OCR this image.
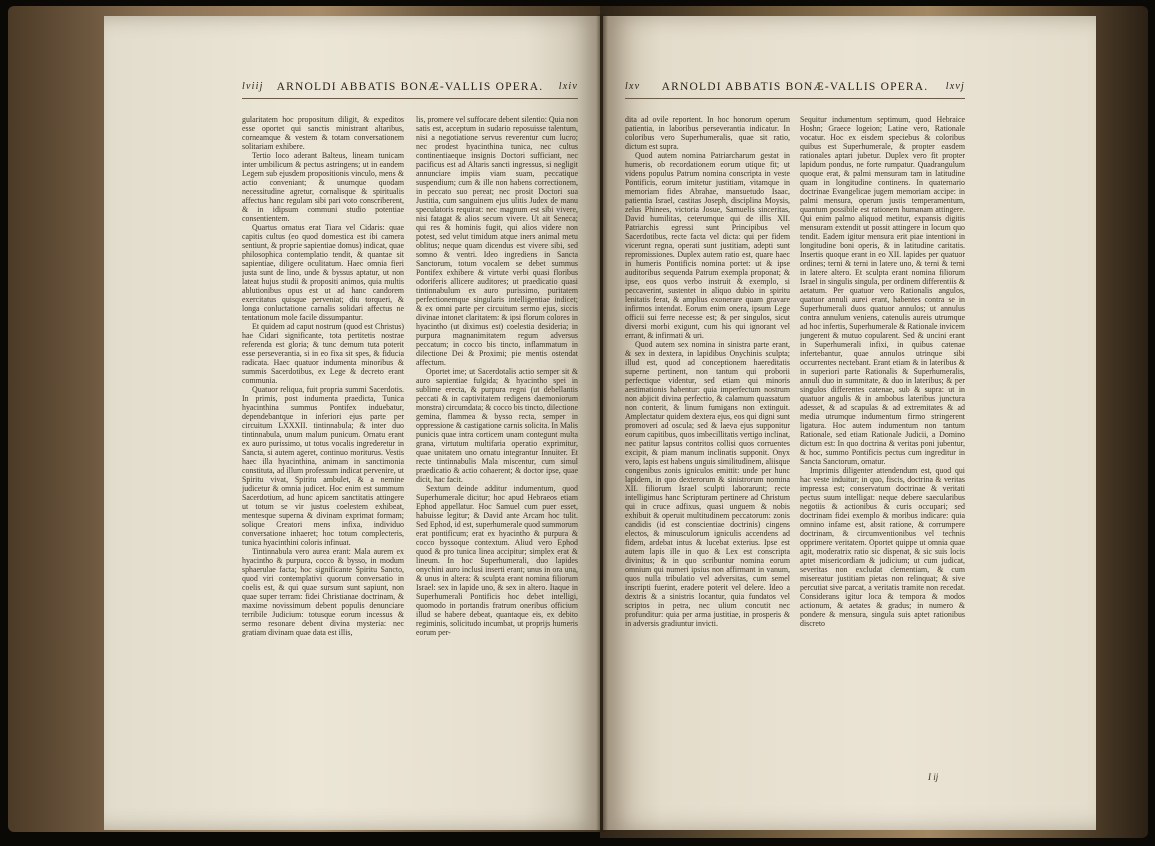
lviij	ARNOLDI ABBATIS BONÆ-VALLIS OPERA.	lxiv

gularitatem hoc propositum diligit, & expeditos esse oportet qui sanctis ministrant altaribus, corneamque & vestem & totam conversationem solitariam exhibere.

Tertio loco aderant Balteus, lineam tunicam inter umbilicum & pectus astringens; ut in eandem Legem sub ejusdem propositionis vinculo, mens & actio conveniant; & unumque quodam necessitudine agretur, cornalisque & spiritualis affectus hanc regulam sibi pari voto conscriberent, & in idipsum communi studio potentiae consentientem.

Quartus ornatus erat Tiara vel Cidaris: quae capitis cultus (eo quod domestica est ibi camera sentiunt, & proprie sapientiae domus) indicat, quae philosophica contemplatio tendit, & quantae sit sapientiae, diligere oculitatum. Haec omnia fieri justa sunt de lino, unde & byssus aptatur, ut non lateat hujus studii & propositi animos, quia multis ablutionibus opus est ut ad hanc candorem exercitatus quisque perveniat; diu torqueri, & longa conluctatione carnalis solidari affectus ne tentationum mole facile dissumpantur.

Et quidem ad caput nostrum (quod est Christus) hae Cidari significante, tota pertitetis nostrae referenda est gloria; & tunc demum tuta poterit esse perseverantia, si in eo fixa sit spes, & fiducia radicata. Haec quatuor indumenta minoribus & summis Sacerdotibus, ex Lege & decreto erant communia.

Quatuor reliqua, fuit propria summi Sacerdotis. In primis, post indumenta praedicta, Tunica hyacinthina summus Pontifex induebatur, dependebantque in inferiori ejus parte per circuitum LXXXII. tintinnabula; & inter duo tintinnabula, unum malum punicum. Ornatu erant ex auro purissimo, ut totus vocalis ingrederetur in Sancta, si autem ageret, continuo moriturus. Vestis haec illa hyacinthina, animam in sanctimonia constituta, ad illum professum indicat pervenire, ut Spiritu vivat, Spiritu ambulet, & a nemine judicetur & omnia judicet. Hoc enim est summum Sacerdotium, ad hunc apicem sanctitatis attingere ut totum se vir justus coelestem exhibeat, mentesque superna & divinam exprimat formam; solique Creatori mens infixa, individuo conversatione inhaeret; hoc totum complecteris, tunica hyacinthini coloris infinuat.

Tintinnabula vero aurea erant: Mala aurem ex hyacintho & purpura, cocco & bysso, in modum sphaerulae facta; hoc significante Spiritu Sancto, quod viri contemplativi quorum conversatio in coelis est, & qui quae sursum sunt sapiunt, non quae super terram: fidei Christianae doctrinam, & maxime novissimum debent populis denunciare terribile Judicium: totusque eorum incessus & sermo resonare debent divina mysteria: nec gratiam divinam quae data est illis,

lis, promere vel suffocare debent silentio: Quia non satis est, acceptum in sudario reposuisse talentum, nisi a negotiatione servus reverentur cum lucro; nec prodest hyacinthina tunica, nec cultus continentiaeque insignis Doctori sufficiant, nec pacificus est ad Altaris sancti ingressus, si negligit annunciare impiis viam suam, peccatique suspendium; cum & ille non habens correctionem, in peccato suo pereat; nec prosit Doctori sua Justitia, cum sanguinem ejus ulitis Judex de manu speculatoris requirat: nec magnum est sibi vivere, nisi fatagat & alios secum vivere. Ut ait Seneca; qui res & hominis fugit, qui alios videre non potest, sed velut timidum atque iners animal metu oblitus; neque quam dicendus est vivere sibi, sed somno & ventri. Ideo ingrediens in Sancta Sanctorum, totum vocalem se debet summus Pontifex exhibere & virtute verbi quasi floribus odoriferis allicere auditores; ut praedicatio quasi tintinnabulum ex auro purissimo, puritatem perfectionemque singularis intelligentiae indicet; & ex omni parte per circuitum sermo ejus, siccis divinae intonet claritatem: & ipsi florum colores in hyacintho (ut diximus est) coelestia desideria; in purpura magnanimitatem regum adversus peccatum; in cocco bis tincto, inflammatum in dilectione Dei & Proximi; pie mentis ostendat affectum.

Oportet ime; ut Sacerdotalis actio semper sit & auro sapientiae fulgida; & hyacintho spei in sublime erecta, & purpura regni (ut debellantis peccati & in captivitatem redigens daemoniorum monstra) circumdata; & cocco bis tincto, dilectione gemina, flammea & bysso recta, semper in oppressione & castigatione carnis solicita. In Malis punicis quae intra corticem unam contegunt multa grana, virtutum multifaria operatio exprimitur, quae unitatem uno ornatu integrantur Innuiter. Et recte tintinnabulis Mala miscentur, cum simul praedicatio & actio cohaerent; & doctor ipse, quae dicit, hac facit.

Sextum deinde additur indumentum, quod Superhumerale dicitur; hoc apud Hebraeos etiam Ephod appellatur. Hoc Samuel cum puer esset, habuisse legitur; & David ante Arcam hoc tulit. Sed Ephod, id est, superhumerale quod summorum erat pontificum; erat ex hyacintho & purpura & cocco byssoque contextum. Aliud vero Ephod quod & pro tunica linea accipitur; simplex erat & lineum. In hoc Superhumerali, duo lapides onychini auro inclusi inserti erant; unus in ora una, & unus in altera: & sculpta erant nomina filiorum Israel: sex in lapide uno, & sex in altero. Itaque in Superhumerali Pontificis hoc debet intelligi, quomodo in portandis fratrum oneribus officium illud se habere debeat, quantaque eis, ex debito regiminis, solicitudo incumbat, ut proprijs humeris eorum per-

lxv	ARNOLDI ABBATIS BONÆ-VALLIS OPERA.	lxvj

dita ad ovile reportent. In hoc honorum operum patientia, in laboribus perseverantia indicatur. In coloribus vero Superhumeralis, quae sit ratio, dictum est supra.

Quod autem nomina Patriarcharum gestat in humeris, ob recordationem eorum utique fit; ut videns populus Patrum nomina conscripta in veste Pontificis, eorum imitetur justitiam, vitamque in memoriam fides Abrahae, mansuetudo Isaac, patientia Israel, castitas Joseph, disciplina Moysis, zelus Phinees, victoria Josue, Samuelis sinceritas, David humilitas, ceterumque qui de illis XII. Patriarchis egressi sunt Principibus vel Sacerdotibus, recte facta vel dicta: qui per fidem vicerunt regna, operati sunt justitiam, adepti sunt repromissiones. Duplex autem ratio est, quare haec in humeris Pontificis nomina portet: ut & ipse auditoribus sequenda Patrum exempla proponat; & ipse, eos quos verbo instruit & exemplo, si peccaverint, sustentet in aliquo dubio in spiritu lenitatis ferat, & amplius exonerare quam gravare infirmos intendat. Eorum enim onera, ipsum Lege officii sui ferre necesse est; & per singulos, sicut diversi morbi exigunt, cum his qui ignorant vel errant, & infirmati & uri.

Quod autem sex nomina in sinistra parte erant, & sex in dextera, in lapidibus Onychinis sculpta; illud est, quod ad conceptionem haereditatis superne pertinent, non tantum qui proborii perfectique videntur, sed etiam qui minoris aestimationis habentur: quia imperfectum nostrum non abjicit divina perfectio, & calamum quassatum non conterit, & linum fumigans non extinguit. Amplectatur quidem dextera ejus, eos qui digni sunt promoveri ad oscula; sed & laeva ejus supponitur eorum capitibus, quos imbecillitatis vertigo inclinat, nec patitur lapsus contritos collisi quos corruentes excipit, & piam manum inclinatis supponit. Onyx vero, lapis est habens unguis similitudinem, aliisque congenibus zonis igniculos emittit: unde per hunc lapidem, in quo dexterorum & sinistrorum nomina XII. filiorum Israel sculpti laborarunt; recte intelligimus hanc Scripturam pertinere ad Christum qui in cruce adfixus, quasi unguem & nobis exhibuit & operuit multitudinem peccatorum: zonis candidis (id est conscientiae doctrinis) cingens electos, & minusculorum igniculis accendens ad fidem, ardebat intus & lucebat exterius. Ipse est autem lapis ille in quo & Lex est conscripta divinitus; & in quo scribuntur nomina eorum omnium qui numeri ipsius non affirmant in vanum, quos nulla tribulatio vel adversitas, cum semel inscripti fuerint, eradere poterit vel delere. Ideo a dextris & a sinistris locantur, quia fundatos vel scriptos in petra, nec ulium concutit nec profunditur: quia per arma justitiae, in prosperis & in adversis gradiuntur invicti.

Sequitur indumentum septimum, quod Hebraice Hoshn; Graece logeion; Latine vero, Rationale vocatur. Hoc ex eisdem speciebus & coloribus quibus est Superhumerale, & propter easdem rationales aptari jubetur. Duplex vero fit propter lapidum pondus, ne forte rumpatur. Quadrangulum quoque erat, & palmi mensuram tam in latitudine quam in longitudine continens. In quaternario doctrinae Evangelicae jugem memoriam accipe: in palmi mensura, operum justis temperamentum, quantum possibile est rationem humanam attingere. Qui enim palmo aliquod metitur, expansis digitis mensuram extendit ut possit attingere in locum quo tendit. Eadem igitur mensura erit piae intentioni in longitudine boni operis, & in latitudine caritatis. Insertis quoque erant in eo XII. lapides per quatuor ordines; terni & terni in latere uno, & terni & terni in latere altero. Et sculpta erant nomina filiorum Israel in singulis singula, per ordinem differentiis & aetatum. Per quatuor vero Rationalis angulos, quatuor annuli aurei erant, habentes contra se in Superhumerali duos quatuor annulos; ut annulus contra annulum veniens, catenulis aureis utrumque ad hoc infertis, Superhumerale & Rationale invicem jungerent & mutuo copularent. Sed & uncini erant in Superhumerali infixi, in quibus catenae infertebantur, quae annulos utrinque sibi occurrentes nectebant. Erant etiam & in lateribus & in superiori parte Rationalis & Superhumeralis, annuli duo in summitate, & duo in lateribus; & per singulos differentes catenae, sub & supra: ut in quatuor angulis & in ambobus lateribus junctura adesset, & ad scapulas & ad extremitates & ad media utrumque indumentum firmo stringerent ligatura. Hoc autem indumentum non tantum Rationale, sed etiam Rationale Judicii, a Domino dictum est: In quo doctrina & veritas poni jubentur, & hoc, summo Pontificis pectus cum ingreditur in Sancta Sanctorum, ornatur.

Imprimis diligenter attendendum est, quod qui hac veste induitur; in quo, fiscis, doctrina & veritas impressa est; conservatum doctrinae & veritati pectus suum intelligat: neque debere saecularibus negotiis & actionibus & curis occupari; sed doctrinam fidei exemplo & moribus indicare: quia omnino infame est, absit ratione, & corrumpere doctrinam, & circumventionibus vel technis opprimere veritatem. Oportet quippe ut omnia quae agit, moderatrix ratio sic dispenat, & sic suis locis aptet misericordiam & judicium; ut cum judicat, severitas non excludat clementiam, & cum misereatur justitiam pietas non relinquat; & sive percutiat sive parcat, a veritatis tramite non recedat. Considerans igitur loca & tempora & modos actionum, & aetates & gradus; in numero & pondere & mensura, singula suis aptet rationibus discreto

I ij
